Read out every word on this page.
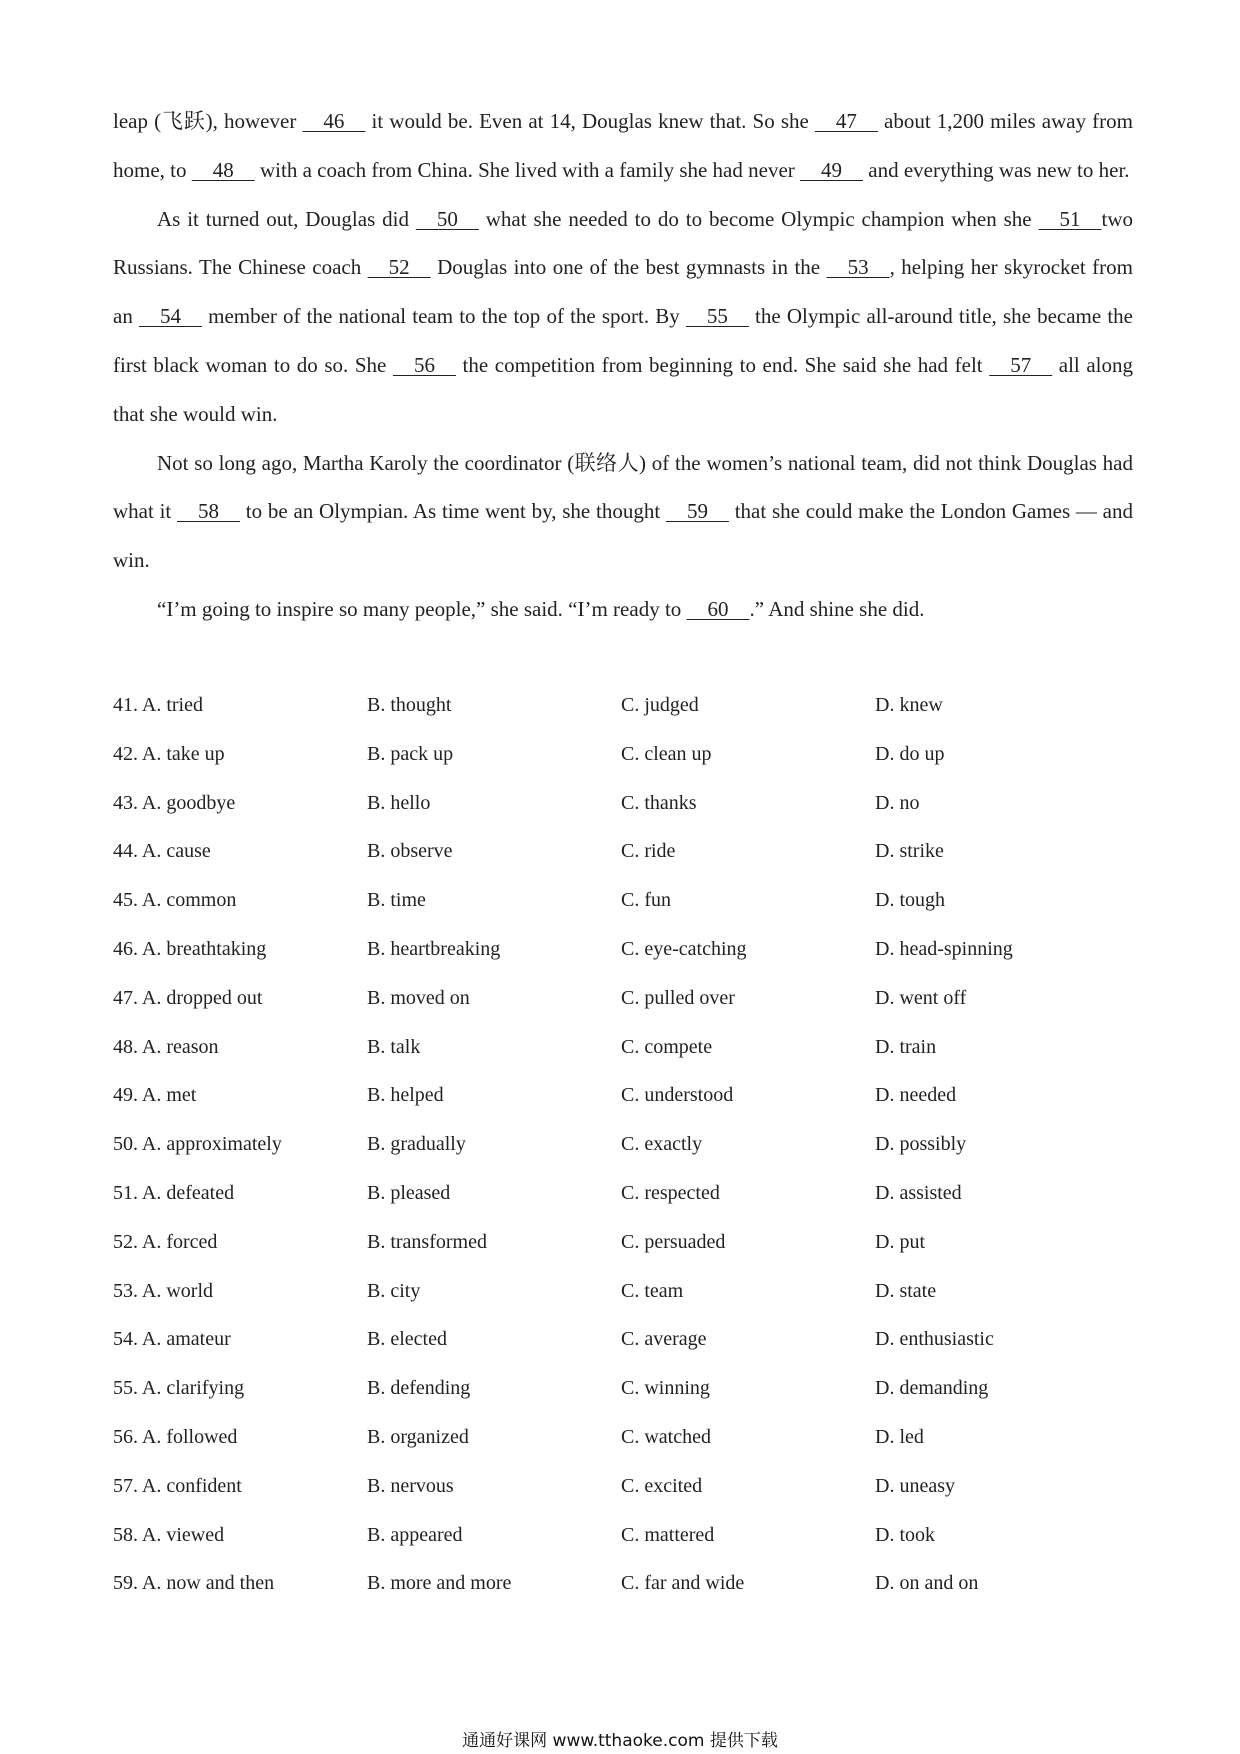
leap (飞跃), however     46     it would be. Even at 14, Douglas knew that. So she     47     about 1,200 miles away from home, to     48     with a coach from China. She lived with a family she had never     49     and everything was new to her.

As it turned out, Douglas did     50     what she needed to do to become Olympic champion when she     51    two Russians. The Chinese coach     52     Douglas into one of the best gymnasts in the     53    , helping her skyrocket from an     54     member of the national team to the top of the sport. By     55     the Olympic all-around title, she became the first black woman to do so. She     56     the competition from beginning to end. She said she had felt     57     all along that she would win.

Not so long ago, Martha Karoly the coordinator (联络人) of the women’s national team, did not think Douglas had what it     58     to be an Olympian. As time went by, she thought     59     that she could make the London Games — and win.

“I’m going to inspire so many people,” she said. “I’m ready to     60    .” And shine she did.

41. A. tried	B. thought	C. judged	D. knew
42. A. take up	B. pack up	C. clean up	D. do up
43. A. goodbye	B. hello	C. thanks	D. no
44. A. cause	B. observe	C. ride	D. strike
45. A. common	B. time	C. fun	D. tough
46. A. breathtaking	B. heartbreaking	C. eye-catching	D. head-spinning
47. A. dropped out	B. moved on	C. pulled over	D. went off
48. A. reason	B. talk	C. compete	D. train
49. A. met	B. helped	C. understood	D. needed
50. A. approximately	B. gradually	C. exactly	D. possibly
51. A. defeated	B. pleased	C. respected	D. assisted
52. A. forced	B. transformed	C. persuaded	D. put
53. A. world	B. city	C. team	D. state
54. A. amateur	B. elected	C. average	D. enthusiastic
55. A. clarifying	B. defending	C. winning	D. demanding
56. A. followed	B. organized	C. watched	D. led
57. A. confident	B. nervous	C. excited	D. uneasy
58. A. viewed	B. appeared	C. mattered	D. took
59. A. now and then	B. more and more	C. far and wide	D. on and on
通通好课网 www.tthaoke.com 提供下载
